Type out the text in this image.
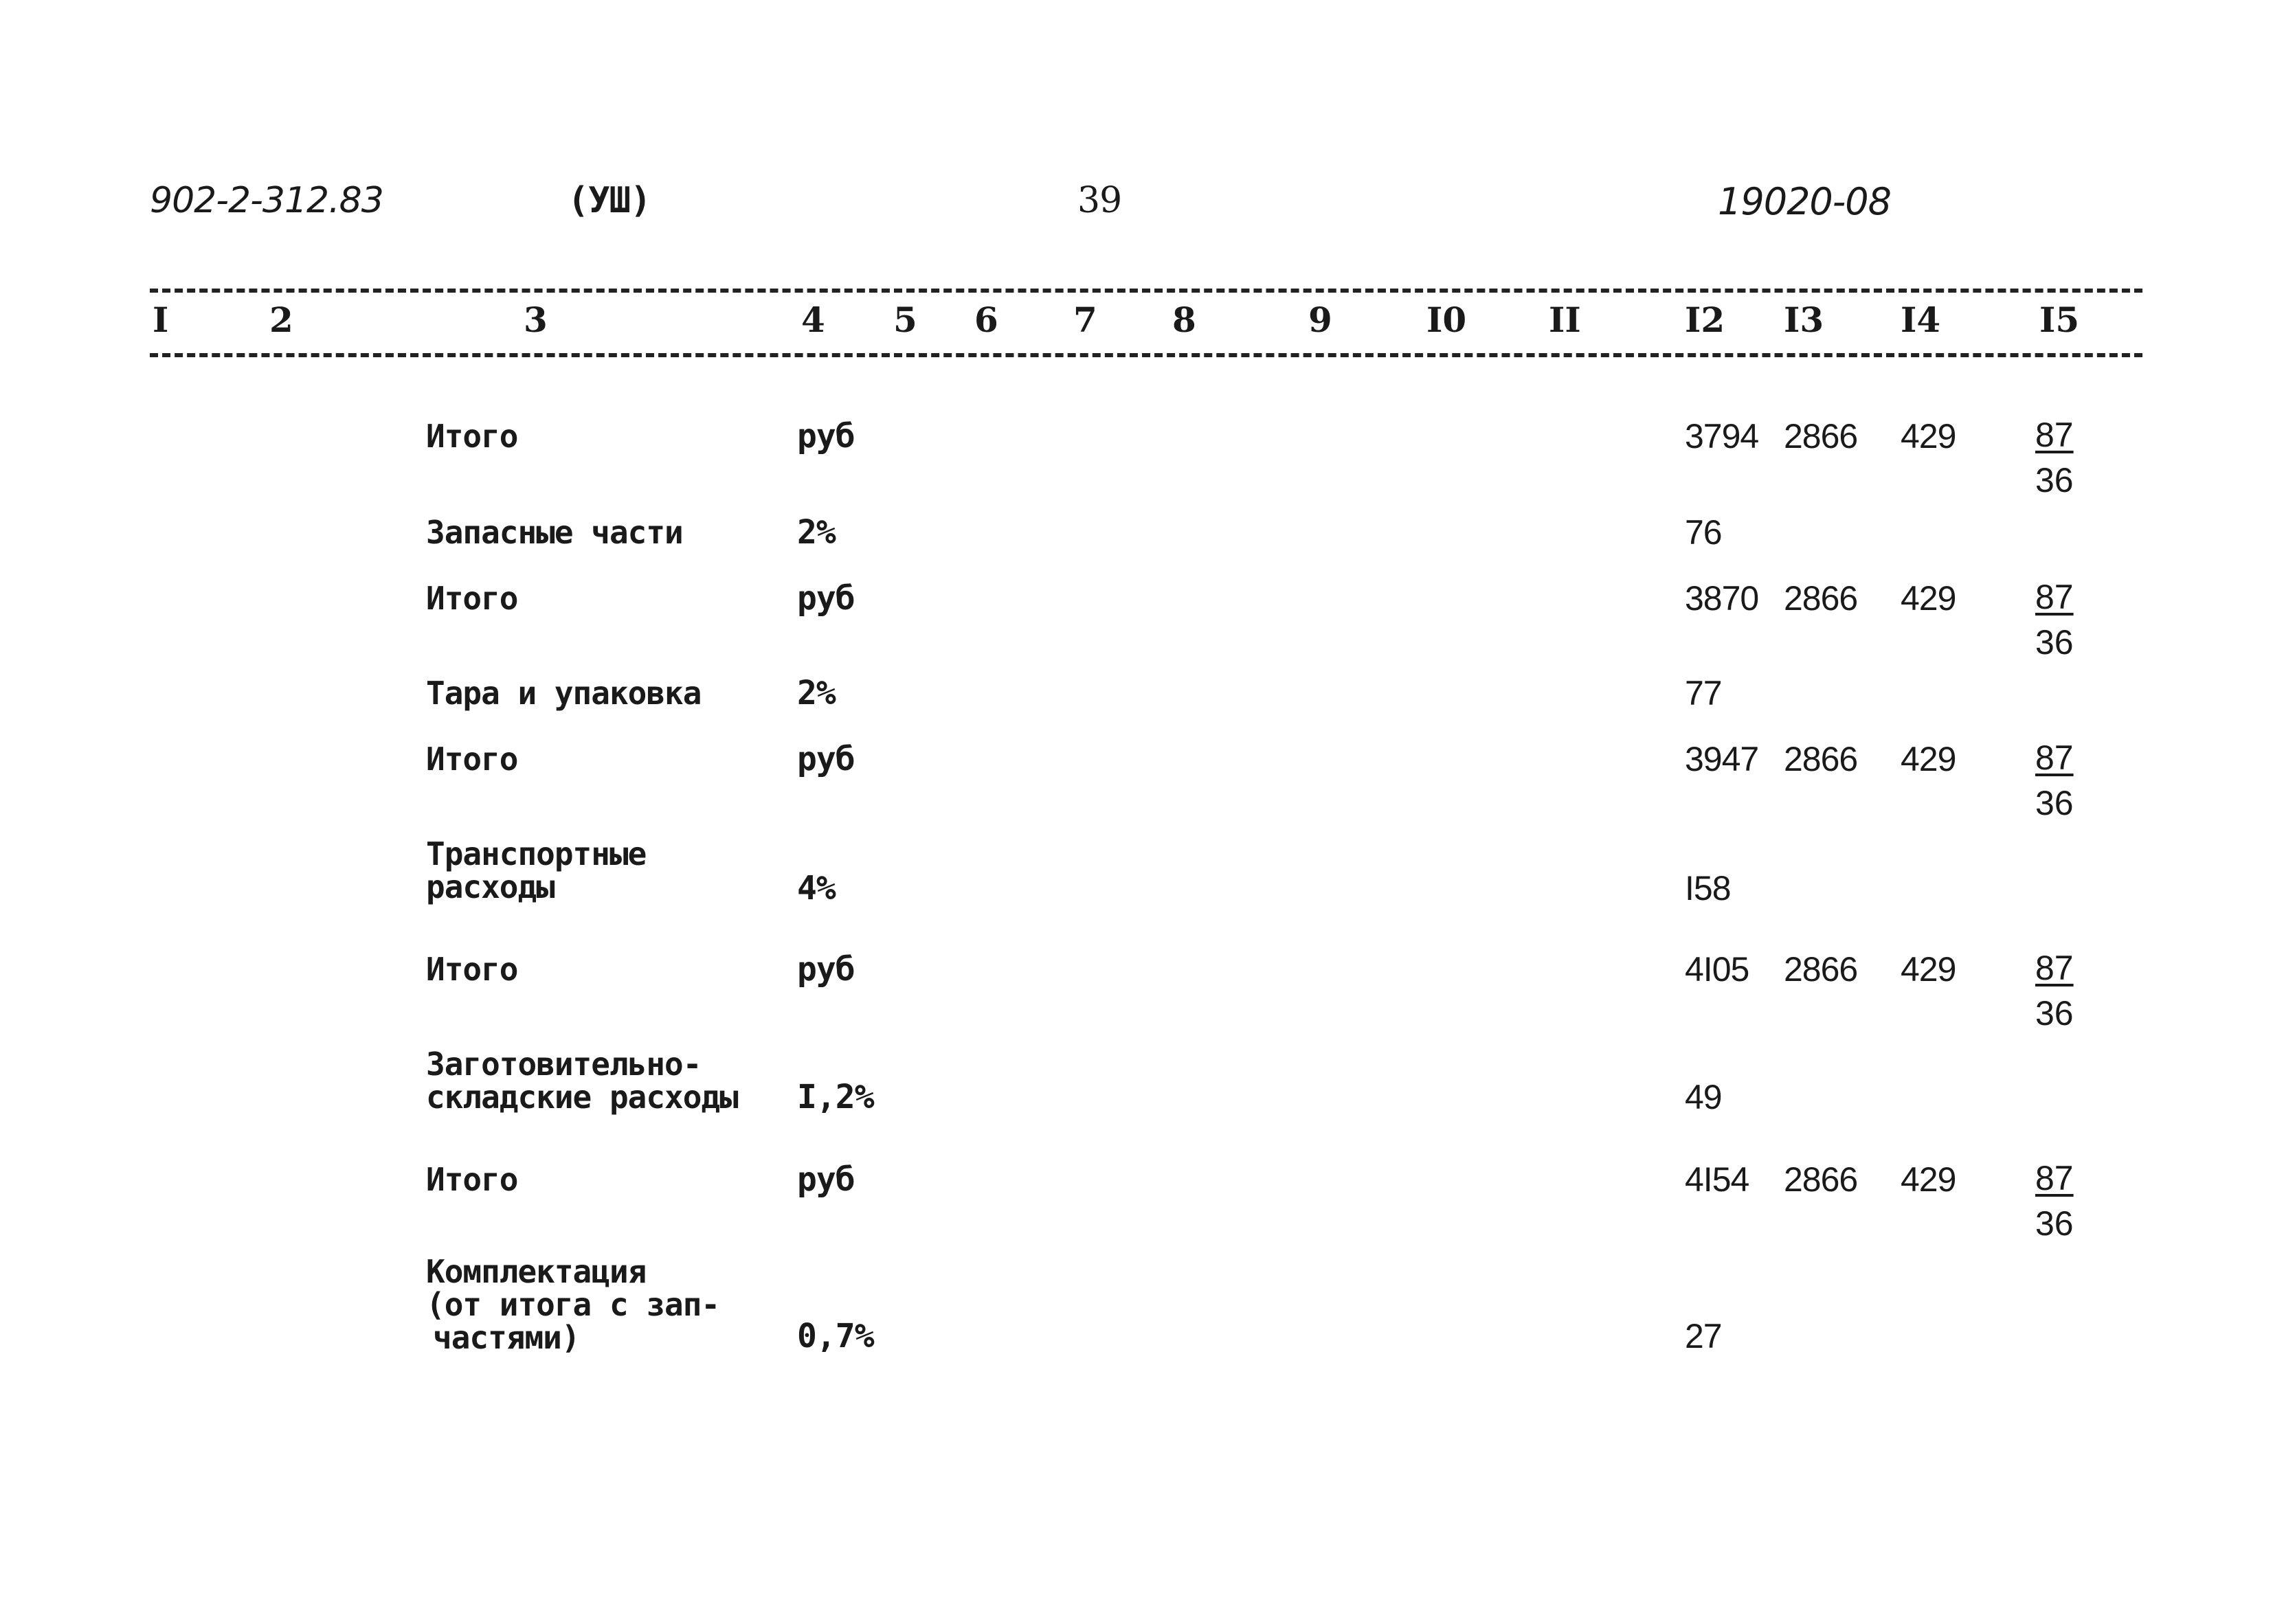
902-2-312.83	(УШ)	39	19020-08
I	2	3	4 5 6 7 8	9	I0 II	I2 I3 I4	I5
Итого	руб	3794 2866 $429 \frac{87}{36}$
Запасные части	2%	76
Итого	руб	3870 2866 $429 \frac{87}{36}$
Тара и упаковка	2%	77
Итого	руб	3947 2866 $429 \frac{87}{36}$
Транспортные
расходы	4%	I58
Итого	руб	4I05 2866 $429 \frac{87}{36}$
Заготовительно-
складские расходы I,2%	49
Итого	руб	4I54 2866 $429 \frac{87}{36}$
Комплектация
(от итога с зап-
частями)	0,7%	27
